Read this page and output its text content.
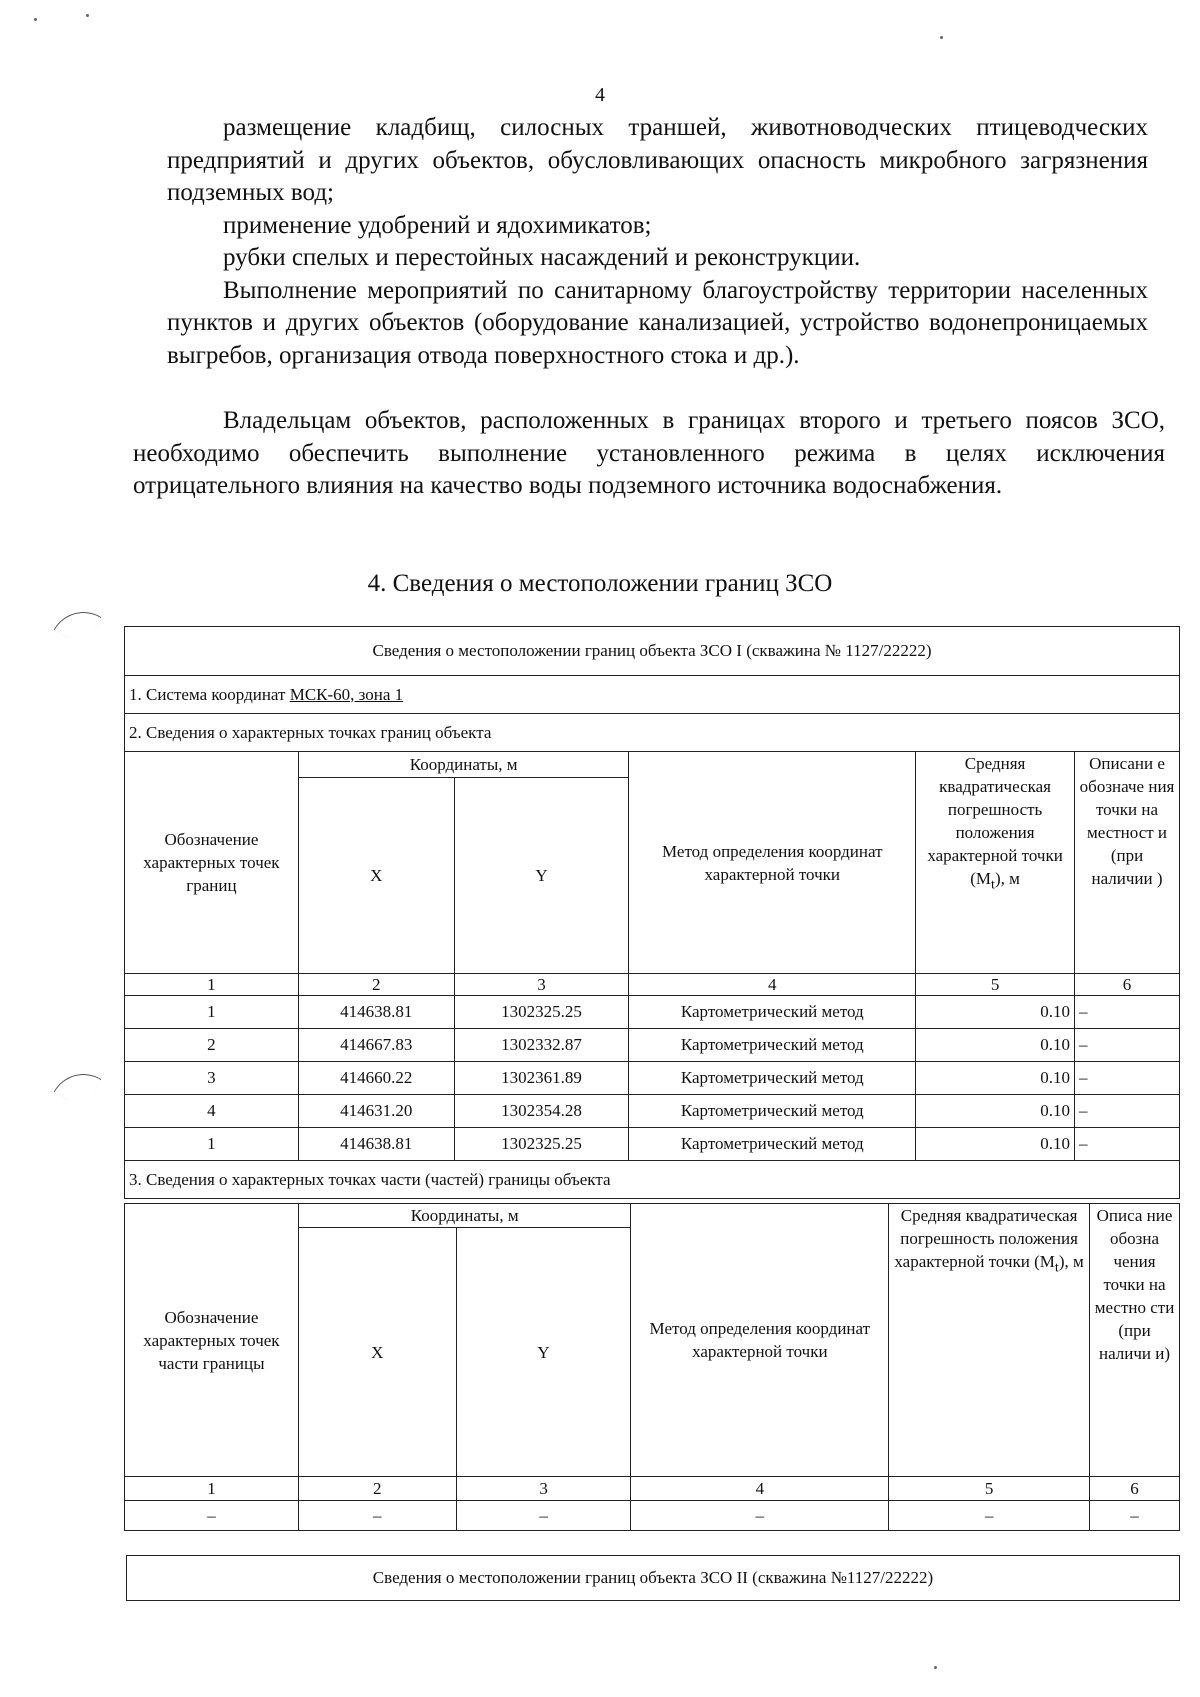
4

размещение кладбищ, силосных траншей, животноводческих птицеводческих предприятий и других объектов, обусловливающих опасность микробного загрязнения подземных вод;

применение удобрений и ядохимикатов;

рубки спелых и перестойных насаждений и реконструкции.

Выполнение мероприятий по санитарному благоустройству территории населенных пунктов и других объектов (оборудование канализацией, устройство водонепроницаемых выгребов, организация отвода поверхностного стока и др.).

Владельцам объектов, расположенных в границах второго и третьего поясов ЗСО, необходимо обеспечить выполнение установленного режима в целях исключения отрицательного влияния на качество воды подземного источника водоснабжения.

4. Сведения о местоположении границ ЗСО
Сведения о местоположении границ объекта ЗСО I (скважина № 1127/22222)					
1. Система координат МСК-60, зона 1					
2. Сведения о характерных точках границ объекта					
Обозначение характерных точек границ	Координаты, м		Метод определения координат характерной точки	Средняя квадратическая погрешность положения характерной точки $(M_t)$, м	Описани е обозначе ния точки на местност и (при наличии )
	X	Y			
1	2	3	4	5	6
1	414638.81	1302325.25	Картометрический метод	0.10	–
2	414667.83	1302332.87	Картометрический метод	0.10	–
3	414660.22	1302361.89	Картометрический метод	0.10	–
4	414631.20	1302354.28	Картометрический метод	0.10	–
1	414638.81	1302325.25	Картометрический метод	0.10	–
3. Сведения о характерных точках части (частей) границы объекта					
Обозначение характерных точек части границы	Координаты, м		Метод определения координат характерной точки	Средняя квадратическая погрешность положения характерной точки $(M_t)$, м	Описа ние обозна чения точки на местно сти (при наличи и)
	X	Y			
1	2	3	4	5	6
–	–	–	–	–	–
Сведения о местоположении границ объекта ЗСО II (скважина №1127/22222)
